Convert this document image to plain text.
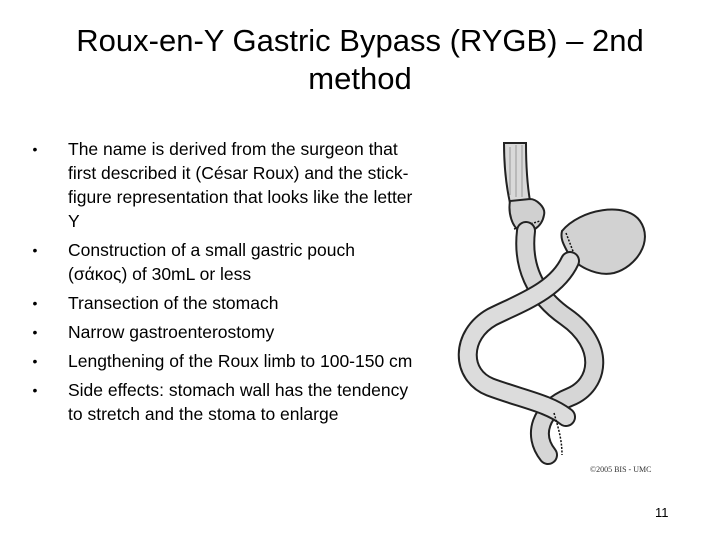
Roux-en-Y Gastric Bypass (RYGB) – 2nd
method
• The name is derived from the surgeon that first described it (César Roux) and the stick-figure representation that looks like the letter Y
• Construction of a small gastric pouch (σάκος) of 30mL or less
• Transection of the stomach
• Narrow gastroenterostomy
• Lengthening of the Roux limb to 100-150 cm
• Side effects: stomach wall has the tendency to stretch and the stoma to enlarge
©2005 BIS - UMC
11
